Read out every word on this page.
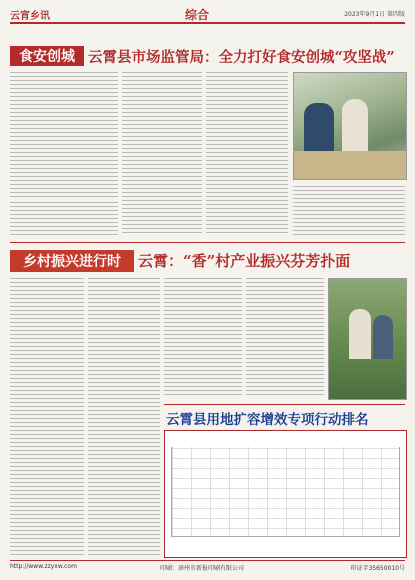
云宵乡讯	综合	2023年9月1日 第四版
食安创城 云霄县市场监管局：全力打好食安创城“攻坚战”
乡村振兴进行时	云霄：“香”村产业振兴芬芳扑面
云霄县用地扩容增效专项行动排名
http://www.zzyxw.com	印刷：漳州市新报印刷有限公司	印证字35650010号
